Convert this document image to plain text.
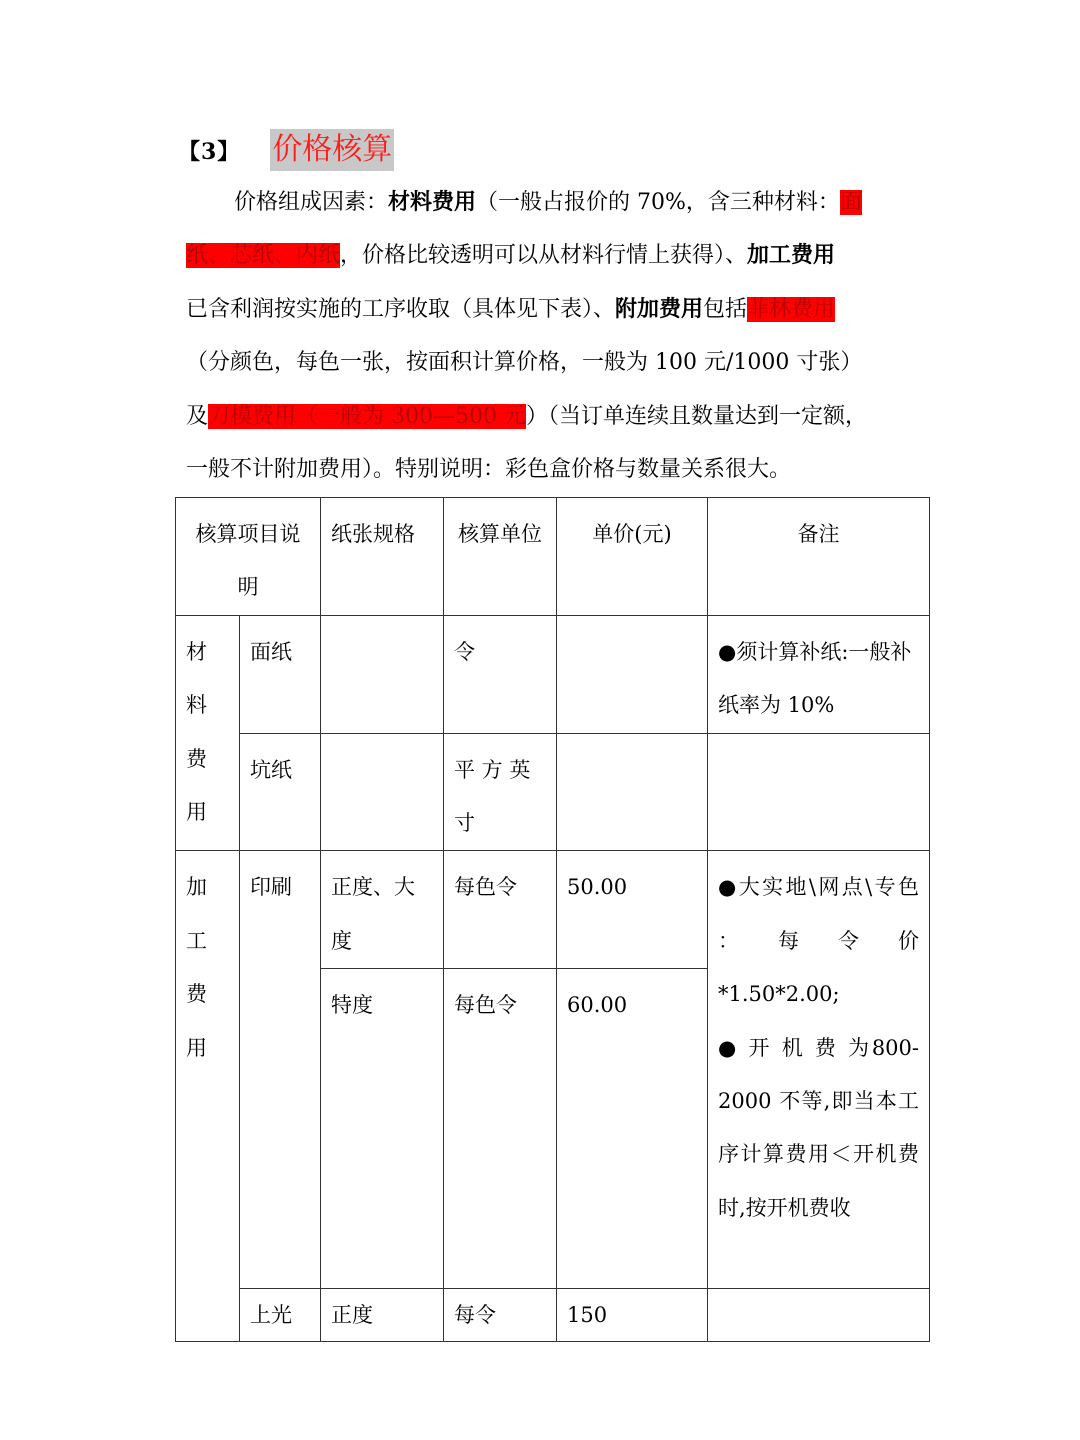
【3】 价格核算

价格组成因素：材料费用（一般占报价的 70%，含三种材料：面
纸、芯纸、内纸，价格比较透明可以从材料行情上获得）、加工费用
已含利润按实施的工序收取（具体见下表）、附加费用包括菲林费用
（分颜色，每色一张，按面积计算价格，一般为 100 元/1000 寸张）
及刀模费用（一般为 300—500 元）（当订单连续且数量达到一定额，
一般不计附加费用）。特别说明：彩色盒价格与数量关系很大。

核算项目说明		纸张规格	核算单位	单价(元)	备注

材料费用	面纸		令		●须计算补纸:一般补纸率为 10%
	坑纸		平 方 英 寸		

加工费用	印刷	正度、大度	每色令	50.00	●大实地\网点\专色 ： 每 令 价*1.50*2.00;
● 开 机 费 为800-2000 不等,即当本工序计算费用＜开机费时,按开机费收

		特度	每色令	60.00	
	上光	正度	每令	150	
